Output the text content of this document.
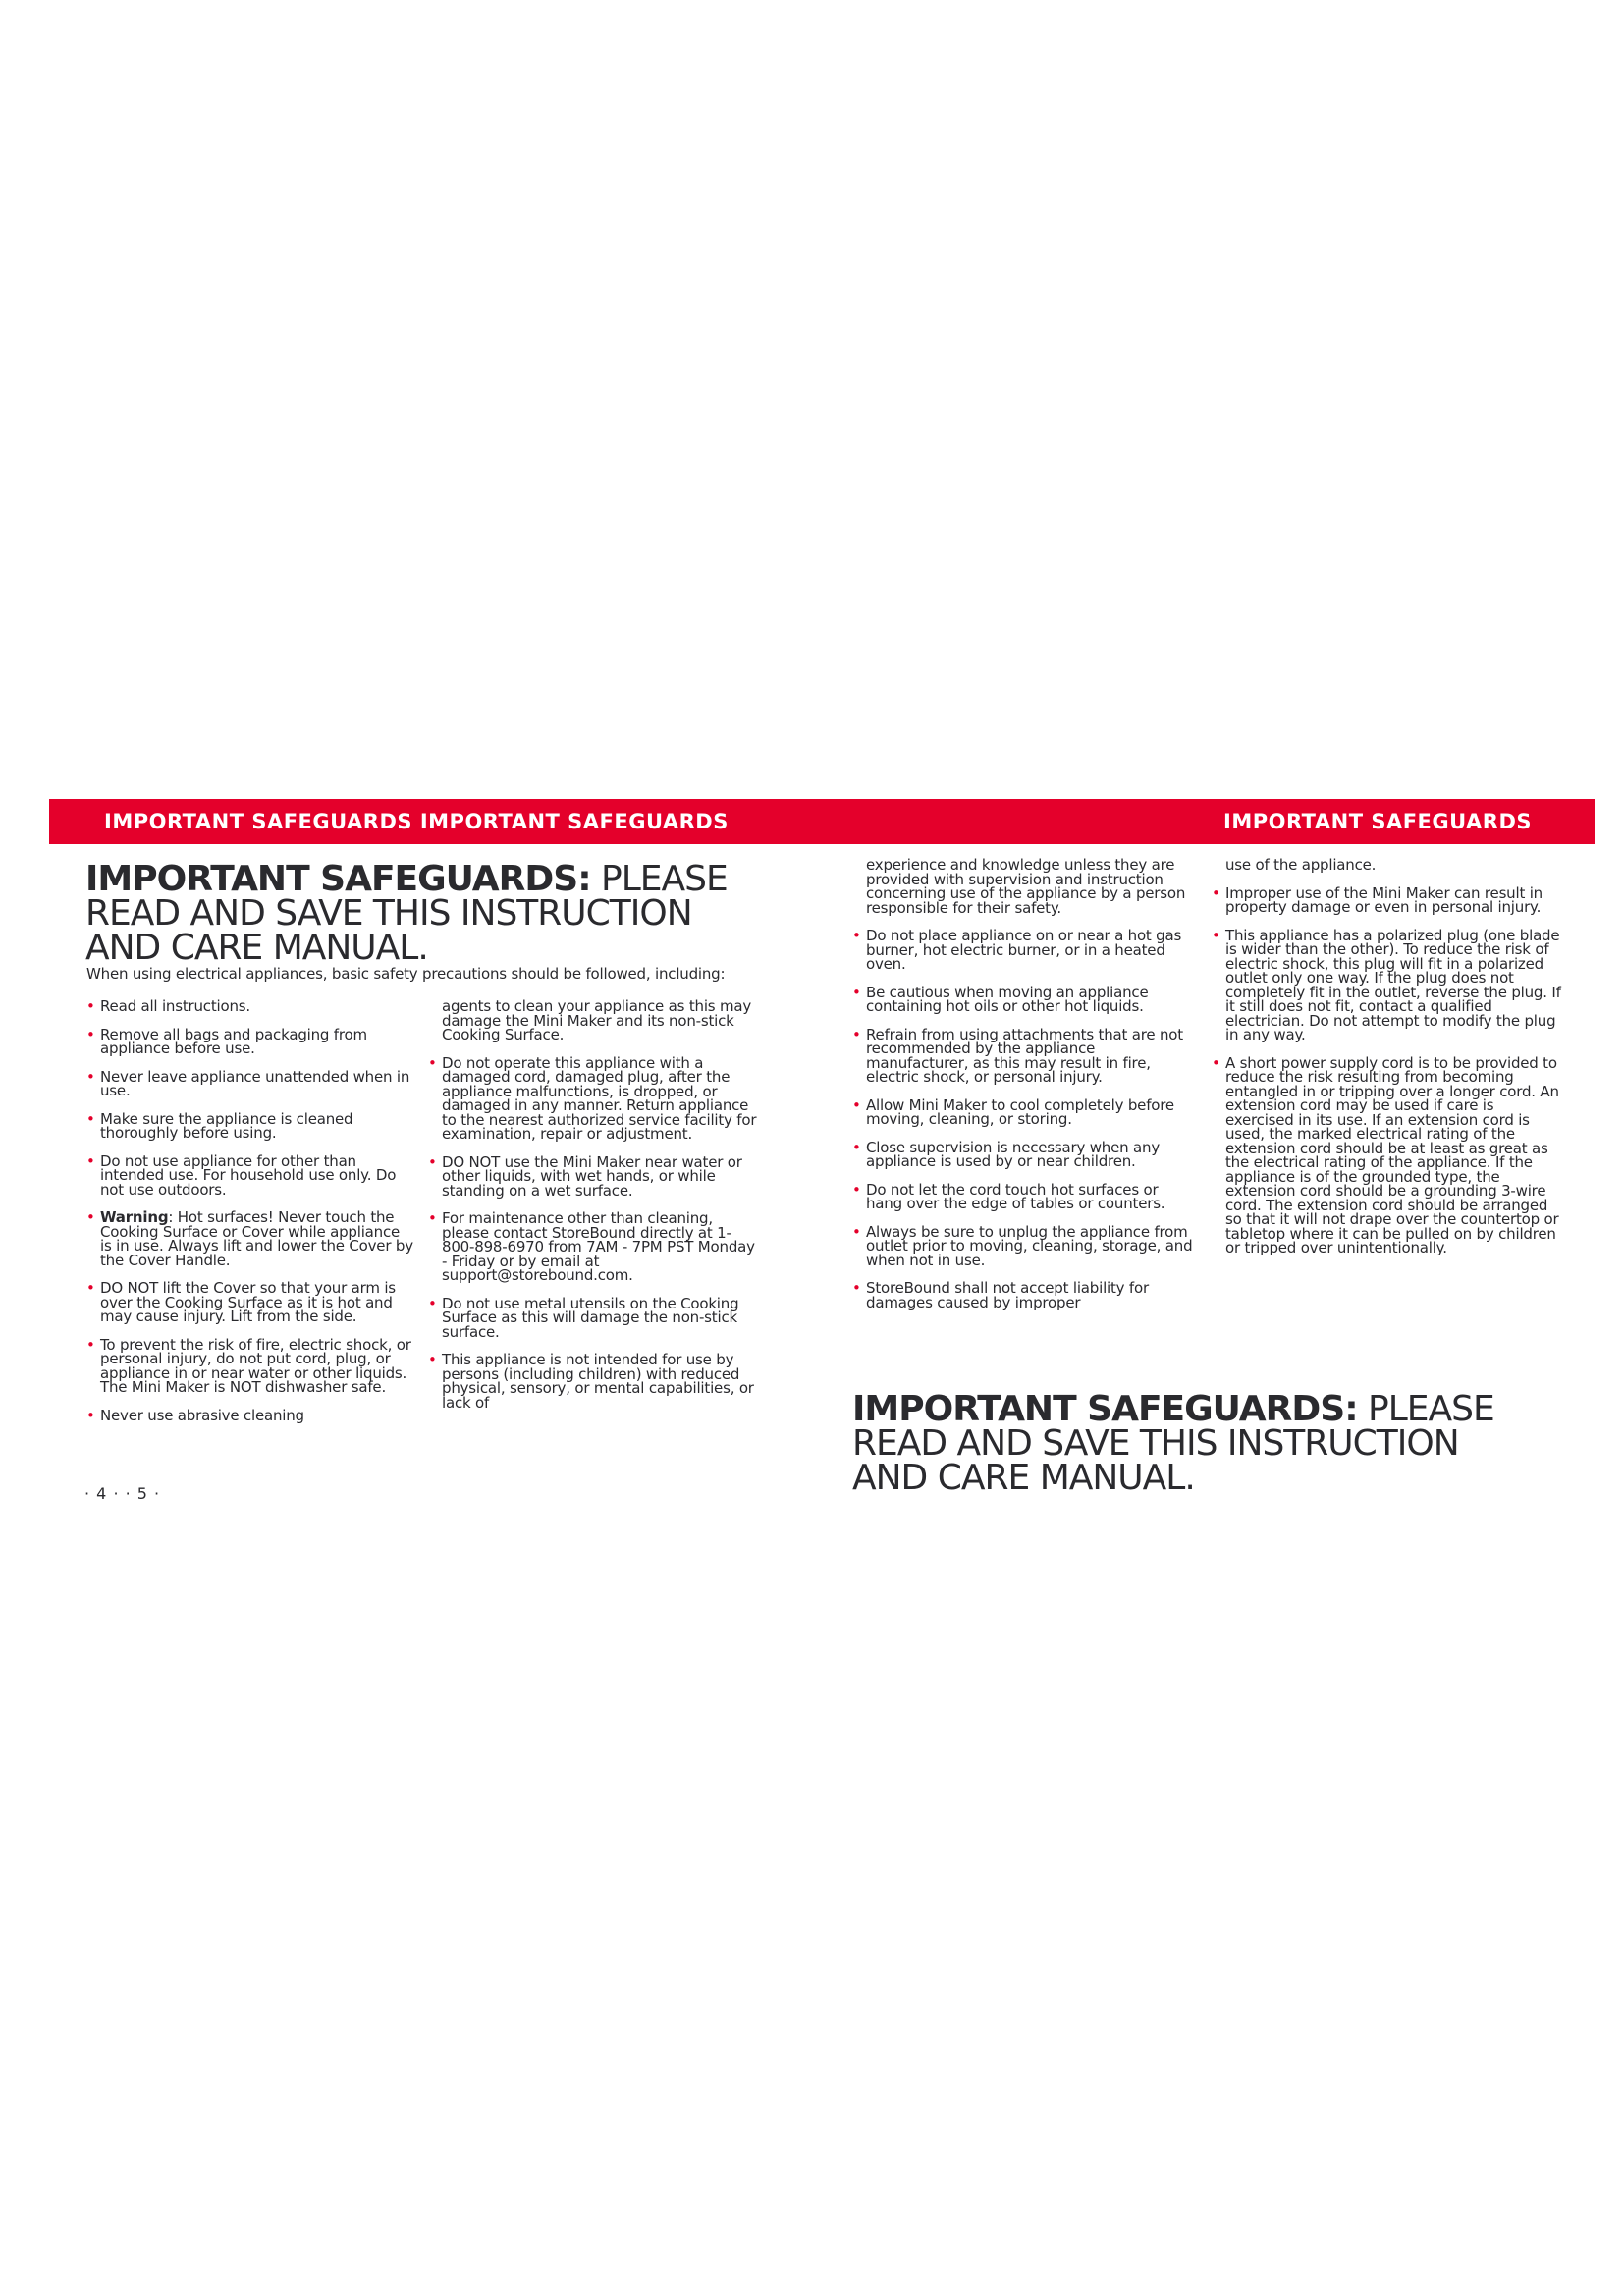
IMPORTANT SAFEGUARDS IMPORTANT SAFEGUARDS	IMPORTANT SAFEGUARDS
IMPORTANT SAFEGUARDS: PLEASE
READ AND SAVE THIS INSTRUCTION
AND CARE MANUAL.

When using electrical appliances, basic safety precautions should be followed, including:

• Read all instructions.
• Remove all bags and packaging from appliance before use.
• Never leave appliance unattended when in use.
• Make sure the appliance is cleaned thoroughly before using.
• Do not use appliance for other than intended use. For household use only. Do not use outdoors.
• Warning: Hot surfaces! Never touch the Cooking Surface or Cover while appliance is in use. Always lift and lower the Cover by the Cover Handle.
• DO NOT lift the Cover so that your arm is over the Cooking Surface as it is hot and may cause injury. Lift from the side.
• To prevent the risk of fire, electric shock, or personal injury, do not put cord, plug, or appliance in or near water or other liquids. The Mini Maker is NOT dishwasher safe.
• Never use abrasive cleaning
agents to clean your appliance as this may damage the Mini Maker and its non-stick Cooking Surface.
• Do not operate this appliance with a damaged cord, damaged plug, after the appliance malfunctions, is dropped, or damaged in any manner. Return appliance to the nearest authorized service facility for examination, repair or adjustment.
• DO NOT use the Mini Maker near water or other liquids, with wet hands, or while standing on a wet surface.
• For maintenance other than cleaning, please contact StoreBound directly at 1-800-898-6970 from 7AM - 7PM PST Monday - Friday or by email at support@storebound.com.
• Do not use metal utensils on the Cooking Surface as this will damage the non-stick surface.
• This appliance is not intended for use by persons (including children) with reduced physical, sensory, or mental capabilities, or lack of
experience and knowledge unless they are provided with supervision and instruction concerning use of the appliance by a person responsible for their safety.
• Do not place appliance on or near a hot gas burner, hot electric burner, or in a heated oven.
• Be cautious when moving an appliance containing hot oils or other hot liquids.
• Refrain from using attachments that are not recommended by the appliance manufacturer, as this may result in fire, electric shock, or personal injury.
• Allow Mini Maker to cool completely before moving, cleaning, or storing.
• Close supervision is necessary when any appliance is used by or near children.
• Do not let the cord touch hot surfaces or hang over the edge of tables or counters.
• Always be sure to unplug the appliance from outlet prior to moving, cleaning, storage, and when not in use.
• StoreBound shall not accept liability for damages caused by improper
use of the appliance.
• Improper use of the Mini Maker can result in property damage or even in personal injury.
• This appliance has a polarized plug (one blade is wider than the other). To reduce the risk of electric shock, this plug will fit in a polarized outlet only one way. If the plug does not completely fit in the outlet, reverse the plug. If it still does not fit, contact a qualified electrician. Do not attempt to modify the plug in any way.
• A short power supply cord is to be provided to reduce the risk resulting from becoming entangled in or tripping over a longer cord. An extension cord may be used if care is exercised in its use. If an extension cord is used, the marked electrical rating of the extension cord should be at least as great as the electrical rating of the appliance. If the appliance is of the grounded type, the extension cord should be a grounding 3-wire cord. The extension cord should be arranged so that it will not drape over the countertop or tabletop where it can be pulled on by children or tripped over unintentionally.
IMPORTANT SAFEGUARDS: PLEASE
READ AND SAVE THIS INSTRUCTION
AND CARE MANUAL.
· 4 · · 5 ·
